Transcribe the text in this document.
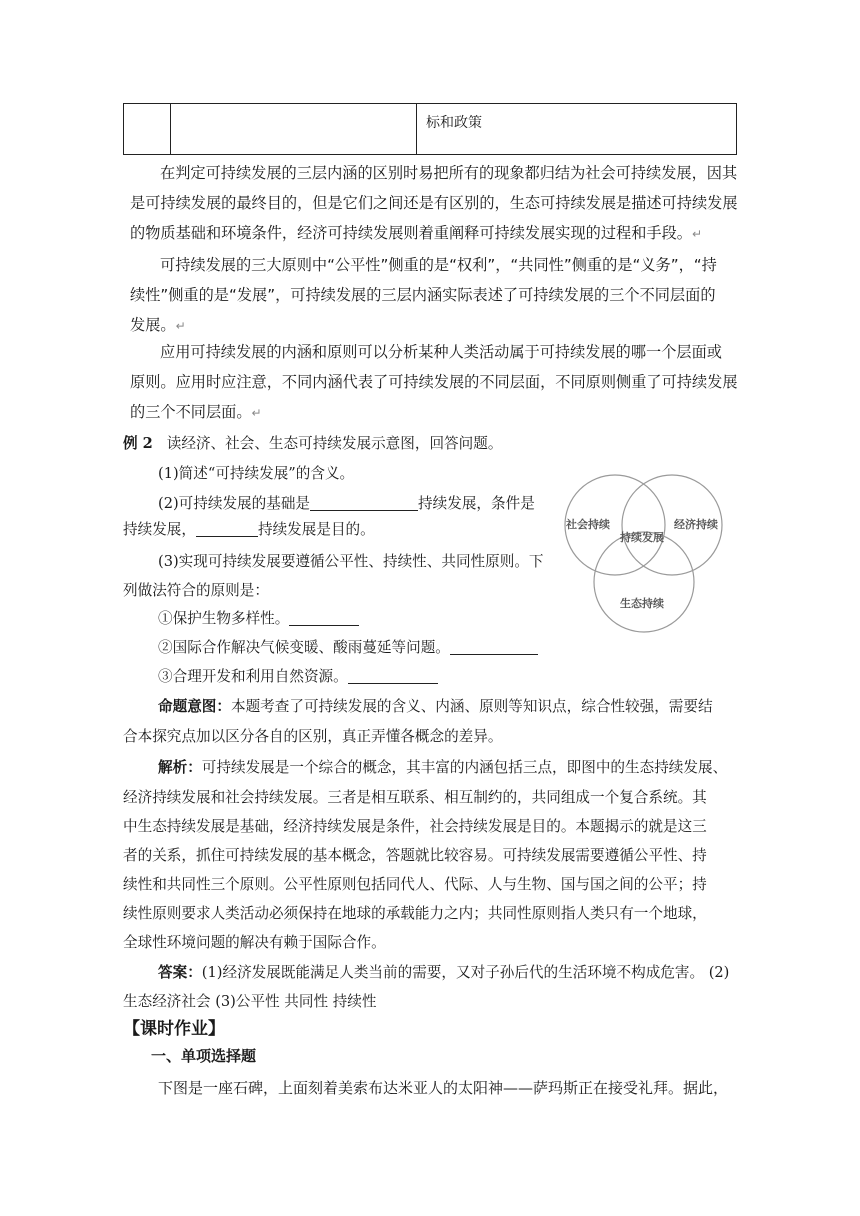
标和政策
在判定可持续发展的三层内涵的区别时易把所有的现象都归结为社会可持续发展，因其
是可持续发展的最终目的，但是它们之间还是有区别的，生态可持续发展是描述可持续发展
的物质基础和环境条件，经济可持续发展则着重阐释可持续发展实现的过程和手段。↵
可持续发展的三大原则中“公平性”侧重的是“权利”，“共同性”侧重的是“义务”，“持
续性”侧重的是“发展”，可持续发展的三层内涵实际表述了可持续发展的三个不同层面的
发展。↵
应用可持续发展的内涵和原则可以分析某种人类活动属于可持续发展的哪一个层面或
原则。应用时应注意，不同内涵代表了可持续发展的不同层面，不同原则侧重了可持续发展
的三个不同层面。↵
例 2 读经济、社会、生态可持续发展示意图，回答问题。
(1)简述“可持续发展”的含义。
(2)可持续发展的基础是	持续发展，条件是
持续发展，	持续发展是目的。
(3)实现可持续发展要遵循公平性、持续性、共同性原则。下
列做法符合的原则是：
①保护生物多样性。
②国际合作解决气候变暖、酸雨蔓延等问题。
③合理开发和利用自然资源。
社会持续	经济持续
持续发展
生态持续
命题意图：本题考查了可持续发展的含义、内涵、原则等知识点，综合性较强，需要结
合本探究点加以区分各自的区别，真正弄懂各概念的差异。
解析：可持续发展是一个综合的概念，其丰富的内涵包括三点，即图中的生态持续发展、
经济持续发展和社会持续发展。三者是相互联系、相互制约的，共同组成一个复合系统。其
中生态持续发展是基础，经济持续发展是条件，社会持续发展是目的。本题揭示的就是这三
者的关系，抓住可持续发展的基本概念，答题就比较容易。可持续发展需要遵循公平性、持
续性和共同性三个原则。公平性原则包括同代人、代际、人与生物、国与国之间的公平；持
续性原则要求人类活动必须保持在地球的承载能力之内；共同性原则指人类只有一个地球，
全球性环境问题的解决有赖于国际合作。
答案：(1)经济发展既能满足人类当前的需要，又对子孙后代的生活环境不构成危害。 (2)
生态经济社会 (3)公平性 共同性 持续性
【课时作业】
一、单项选择题
下图是一座石碑，上面刻着美索布达米亚人的太阳神——萨玛斯正在接受礼拜。据此，
